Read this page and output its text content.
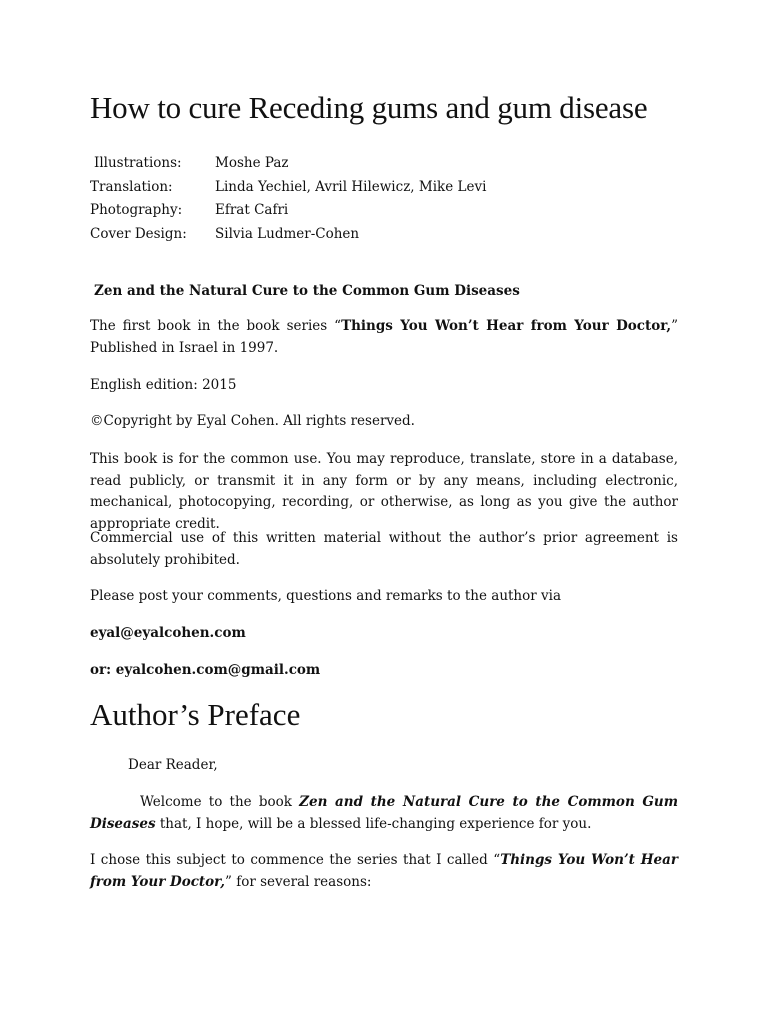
How to cure Receding gums and gum disease
Illustrations:	Moshe Paz
Translation:	Linda Yechiel, Avril Hilewicz, Mike Levi
Photography:	Efrat Cafri
Cover Design:	Silvia Ludmer-Cohen

Zen and the Natural Cure to the Common Gum Diseases

The first book in the book series “Things You Won’t Hear from Your Doctor,” Published in Israel in 1997.

English edition: 2015

©Copyright by Eyal Cohen. All rights reserved.

This book is for the common use. You may reproduce, translate, store in a database, read publicly, or transmit it in any form or by any means, including electronic, mechanical, photocopying, recording, or otherwise, as long as you give the author appropriate credit.

Commercial use of this written material without the author’s prior agreement is absolutely prohibited.

Please post your comments, questions and remarks to the author via

eyal@eyalcohen.com

or: eyalcohen.com@gmail.com

Author’s Preface

Dear Reader,

Welcome to the book Zen and the Natural Cure to the Common Gum Diseases that, I hope, will be a blessed life-changing experience for you.

I chose this subject to commence the series that I called “Things You Won’t Hear from Your Doctor,” for several reasons:
